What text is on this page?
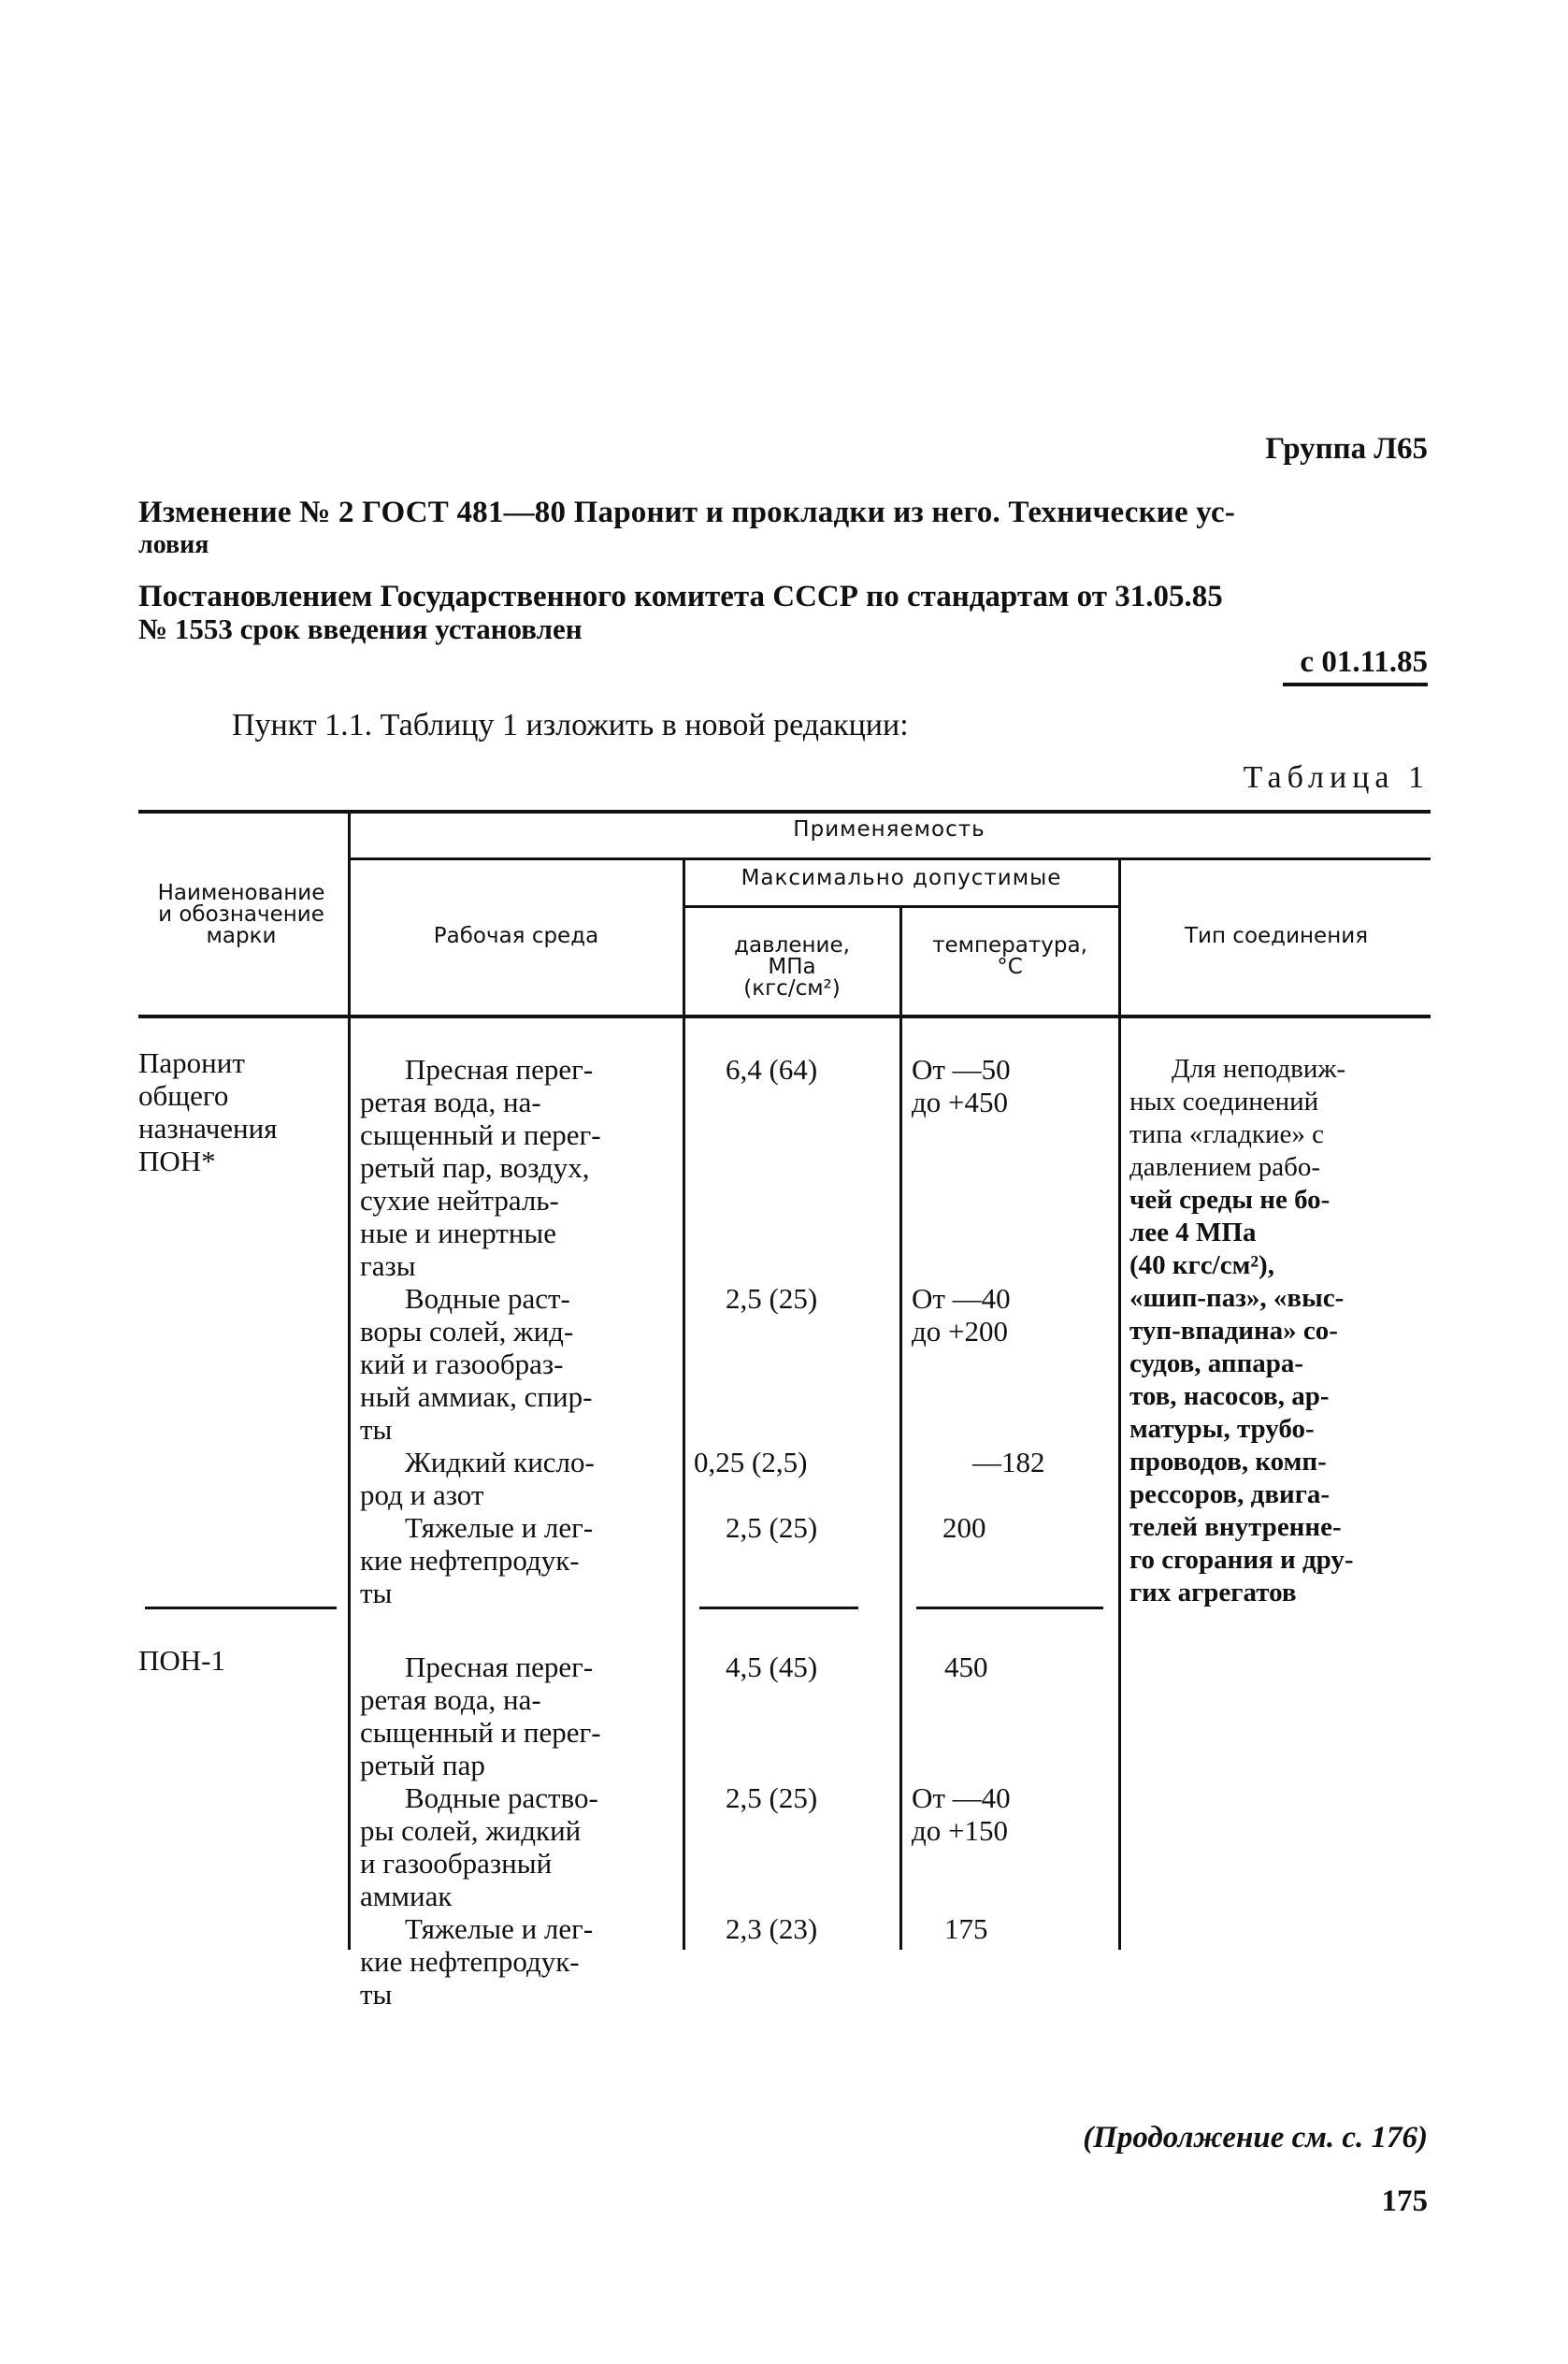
Группа Л65
Изменение № 2 ГОСТ 481—80 Паронит и прокладки из него. Технические ус-
ловия
Постановлением Государственного комитета СССР по стандартам от 31.05.85
№ 1553 срок введения установлен
с 01.11.85
Пункт 1.1. Таблицу 1 изложить в новой редакции:
Таблица 1
Наименование
и обозначение
марки
Применяемость
Рабочая среда
Максимально допустимые
давление,
МПа
(кгс/см²)
температура,
°С
Тип соединения
Паронит
общего
назначения
ПОН*
Пресная перег-
ретая вода, на-
сыщенный и перег-
ретый пар, воздух,
сухие нейтраль-
ные и инертные
газы
Водные раст-
воры солей, жид-
кий и газообраз-
ный аммиак, спир-
ты
Жидкий кисло-
род и азот
Тяжелые и лег-
кие нефтепродук-
ты
6,4 (64)
2,5 (25)
0,25 (2,5)
2,5 (25)
От —50
до +450
От —40
до +200
—182
200
Для неподвиж-
ных соединений
типа «гладкие» с
давлением рабо-
чей среды не бо-
лее 4 МПа
(40 кгс/см²),
«шип-паз», «выс-
туп-впадина» со-
судов, аппара-
тов, насосов, ар-
матуры, трубо-
проводов, комп-
рессоров, двига-
телей внутренне-
го сгорания и дру-
гих агрегатов
ПОН-1	Пресная перег-
ретая вода, на-
сыщенный и перег-
ретый пар
Водные раство-
ры солей, жидкий
и газообразный
аммиак
Тяжелые и лег-
кие нефтепродук-
ты
4,5 (45)
2,5 (25)
2,3 (23)
450
От —40
до +150
175
(Продолжение см. с. 176)
175
